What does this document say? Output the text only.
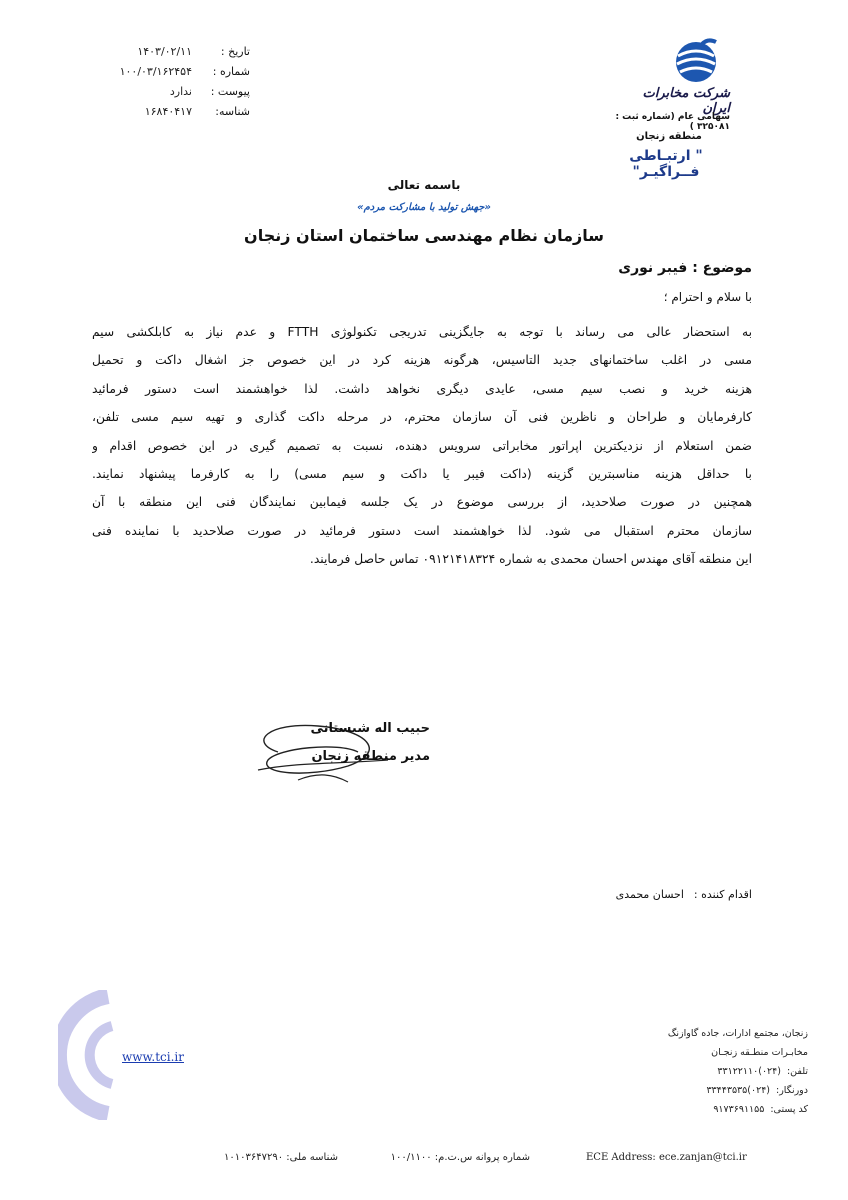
تاریخ :
۱۴۰۳/۰۲/۱۱
شماره :
۱۰۰/۰۳/۱۶۲۴۵۴
پیوست :
ندارد
شناسه:
۱۶۸۴۰۴۱۷
شرکت مخابرات ایران
سهامی عام (شماره ثبت : ۳۲۵۰۸۱ )
منطقه زنجان
" ارتبـاطی فــراگیـر"
باسمه تعالی
«جهش تولید با مشارکت مردم»
سازمان نظام مهندسی ساختمان استان زنجان
موضوع : فیبر نوری
با سلام و احترام ؛
به استحضار عالی می رساند با توجه به جایگزینی تدریجی تکنولوژی FTTH و عدم نیاز به کابلکشی سیم
مسی در اغلب ساختمانهای جدید التاسیس، هرگونه هزینه کرد در این خصوص جز اشغال داکت و تحمیل
هزینه خرید و نصب سیم مسی، عایدی دیگری نخواهد داشت. لذا خواهشمند است دستور فرمائید
کارفرمایان و طراحان و ناظرین فنی آن سازمان محترم، در مرحله داکت گذاری و تهیه سیم مسی تلفن،
ضمن استعلام از نزدیکترین اپراتور مخابراتی سرویس دهنده، نسبت به تصمیم گیری در این خصوص اقدام و
با حداقل هزینه مناسبترین گزینه (داکت فیبر یا داکت و سیم مسی) را به کارفرما پیشنهاد نمایند.
همچنین در صورت صلاحدید، از بررسی موضوع در یک جلسه فیمابین نمایندگان فنی این منطقه با آن
سازمان محترم استقبال می شود. لذا خواهشمند است دستور فرمائید در صورت صلاحدید با نماینده فنی
این منطقه آقای مهندس احسان محمدی به شماره ۰۹۱۲۱۴۱۸۳۲۴ تماس حاصل فرمایند.
حبیب اله شبستانی
مدیر منطقه زنجان
اقدام کننده :
احسان محمدی
www.tci.ir
زنجان، مجتمع ادارات، جاده گاوازنگ
مخابـرات منطـقه زنجـان
تلفن:
(۰۲۴)۳۳۱۲۲۱۱۰
دورنگار:
(۰۲۴)۳۳۴۴۳۵۳۵
کد پستی:
۹۱۷۳۶۹۱۱۵۵
ECE Address: ece.zanjan@tci.ir
شماره پروانه س.ت.م: ۱۰۰/۱۱۰۰
شناسه ملی: ۱۰۱۰۳۶۴۷۲۹۰
